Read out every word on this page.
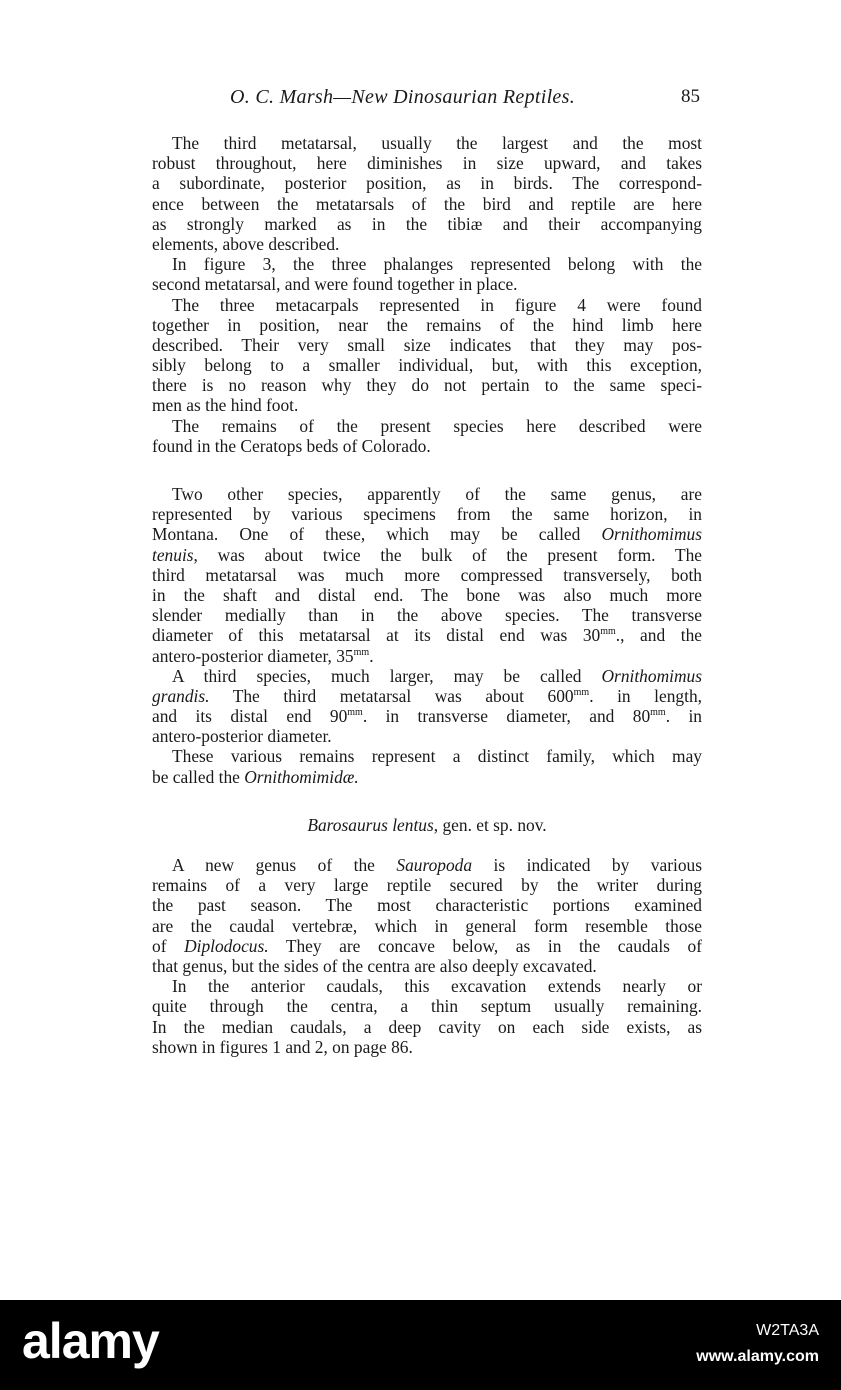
O. C. Marsh—New Dinosaurian Reptiles.	85
The third metatarsal, usually the largest and the most
robust throughout, here diminishes in size upward, and takes
a subordinate, posterior position, as in birds. The correspond-
ence between the metatarsals of the bird and reptile are here
as strongly marked as in the tibiæ and their accompanying
elements, above described.
In figure 3, the three phalanges represented belong with the
second metatarsal, and were found together in place.
The three metacarpals represented in figure 4 were found
together in position, near the remains of the hind limb here
described. Their very small size indicates that they may pos-
sibly belong to a smaller individual, but, with this exception,
there is no reason why they do not pertain to the same speci-
men as the hind foot.
The remains of the present species here described were
found in the Ceratops beds of Colorado.
Two other species, apparently of the same genus, are
represented by various specimens from the same horizon, in
Montana. One of these, which may be called Ornithomimus
tenuis, was about twice the bulk of the present form. The
third metatarsal was much more compressed transversely, both
in the shaft and distal end. The bone was also much more
slender medially than in the above species. The transverse
diameter of this metatarsal at its distal end was $30^{mm}$., and the
antero-posterior diameter, $35^{mm}$.
A third species, much larger, may be called Ornithomimus
grandis. The third metatarsal was about $600^{mm}$. in length,
and its distal end $90^{mm}$. in transverse diameter, and $80^{mm}$. in
antero-posterior diameter.
These various remains represent a distinct family, which may
be called the Ornithomimidæ.
Barosaurus lentus, gen. et sp. nov.
A new genus of the Sauropoda is indicated by various
remains of a very large reptile secured by the writer during
the past season. The most characteristic portions examined
are the caudal vertebræ, which in general form resemble those
of Diplodocus. They are concave below, as in the caudals of
that genus, but the sides of the centra are also deeply excavated.
In the anterior caudals, this excavation extends nearly or
quite through the centra, a thin septum usually remaining.
In the median caudals, a deep cavity on each side exists, as
shown in figures 1 and 2, on page 86.
alamy	W2TA3A
www.alamy.com
